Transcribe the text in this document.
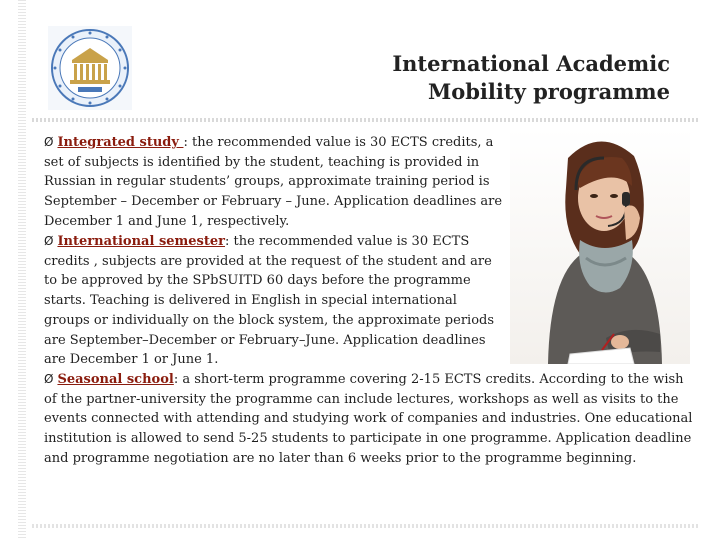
International Academic
Mobility programme
Ø Integrated study : the recommended value is 30 ECTS credits, a set of subjects is identified by the student, teaching is provided in Russian in regular students’ groups, approximate training period is September – December or February – June. Application deadlines are December 1 and June 1, respectively.
Ø International semester: the recommended value is 30 ECTS credits , subjects are provided at the request of the student and are to be approved by the SPbSUITD 60 days before the programme starts. Teaching is delivered in English in special international groups or individually on the block system, the approximate periods are September–December or February–June. Application deadlines are December 1 or June 1.
Ø Seasonal school: a short-term programme covering 2-15 ECTS credits. According to the wish of the partner-university the programme can include lectures, workshops as well as visits to the events connected with attending and studying work of companies and industries. One educational institution is allowed to send 5-25 students to participate in one programme. Application deadline and programme negotiation are no later than 6 weeks prior to the programme beginning.
